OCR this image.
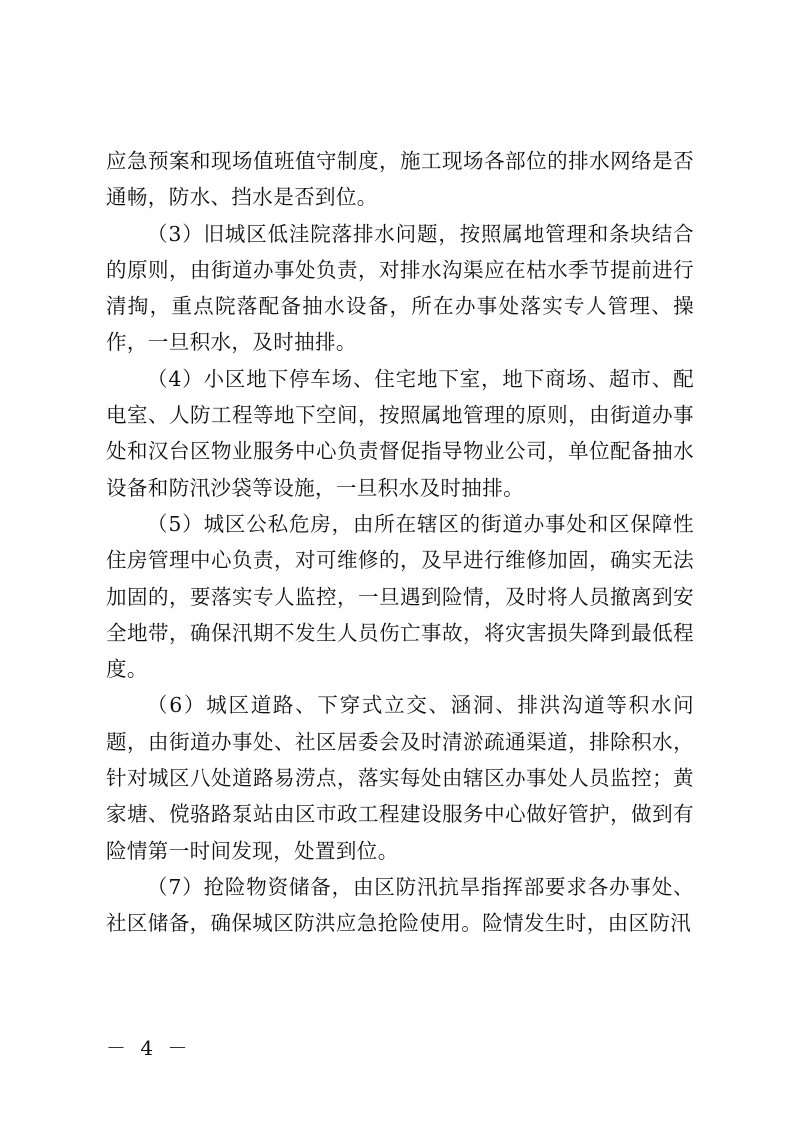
应急预案和现场值班值守制度，施工现场各部位的排水网络是否通畅，防水、挡水是否到位。

（3）旧城区低洼院落排水问题，按照属地管理和条块结合的原则，由街道办事处负责，对排水沟渠应在枯水季节提前进行清掏，重点院落配备抽水设备，所在办事处落实专人管理、操作，一旦积水，及时抽排。

（4）小区地下停车场、住宅地下室，地下商场、超市、配电室、人防工程等地下空间，按照属地管理的原则，由街道办事处和汉台区物业服务中心负责督促指导物业公司，单位配备抽水设备和防汛沙袋等设施，一旦积水及时抽排。

（5）城区公私危房，由所在辖区的街道办事处和区保障性住房管理中心负责，对可维修的，及早进行维修加固，确实无法加固的，要落实专人监控，一旦遇到险情，及时将人员撤离到安全地带，确保汛期不发生人员伤亡事故，将灾害损失降到最低程度。

（6）城区道路、下穿式立交、涵洞、排洪沟道等积水问题，由街道办事处、社区居委会及时清淤疏通渠道，排除积水，针对城区八处道路易涝点，落实每处由辖区办事处人员监控；黄家塘、傥骆路泵站由区市政工程建设服务中心做好管护，做到有险情第一时间发现，处置到位。

（7）抢险物资储备，由区防汛抗旱指挥部要求各办事处、社区储备，确保城区防洪应急抢险使用。险情发生时，由区防汛

－ 4 －
